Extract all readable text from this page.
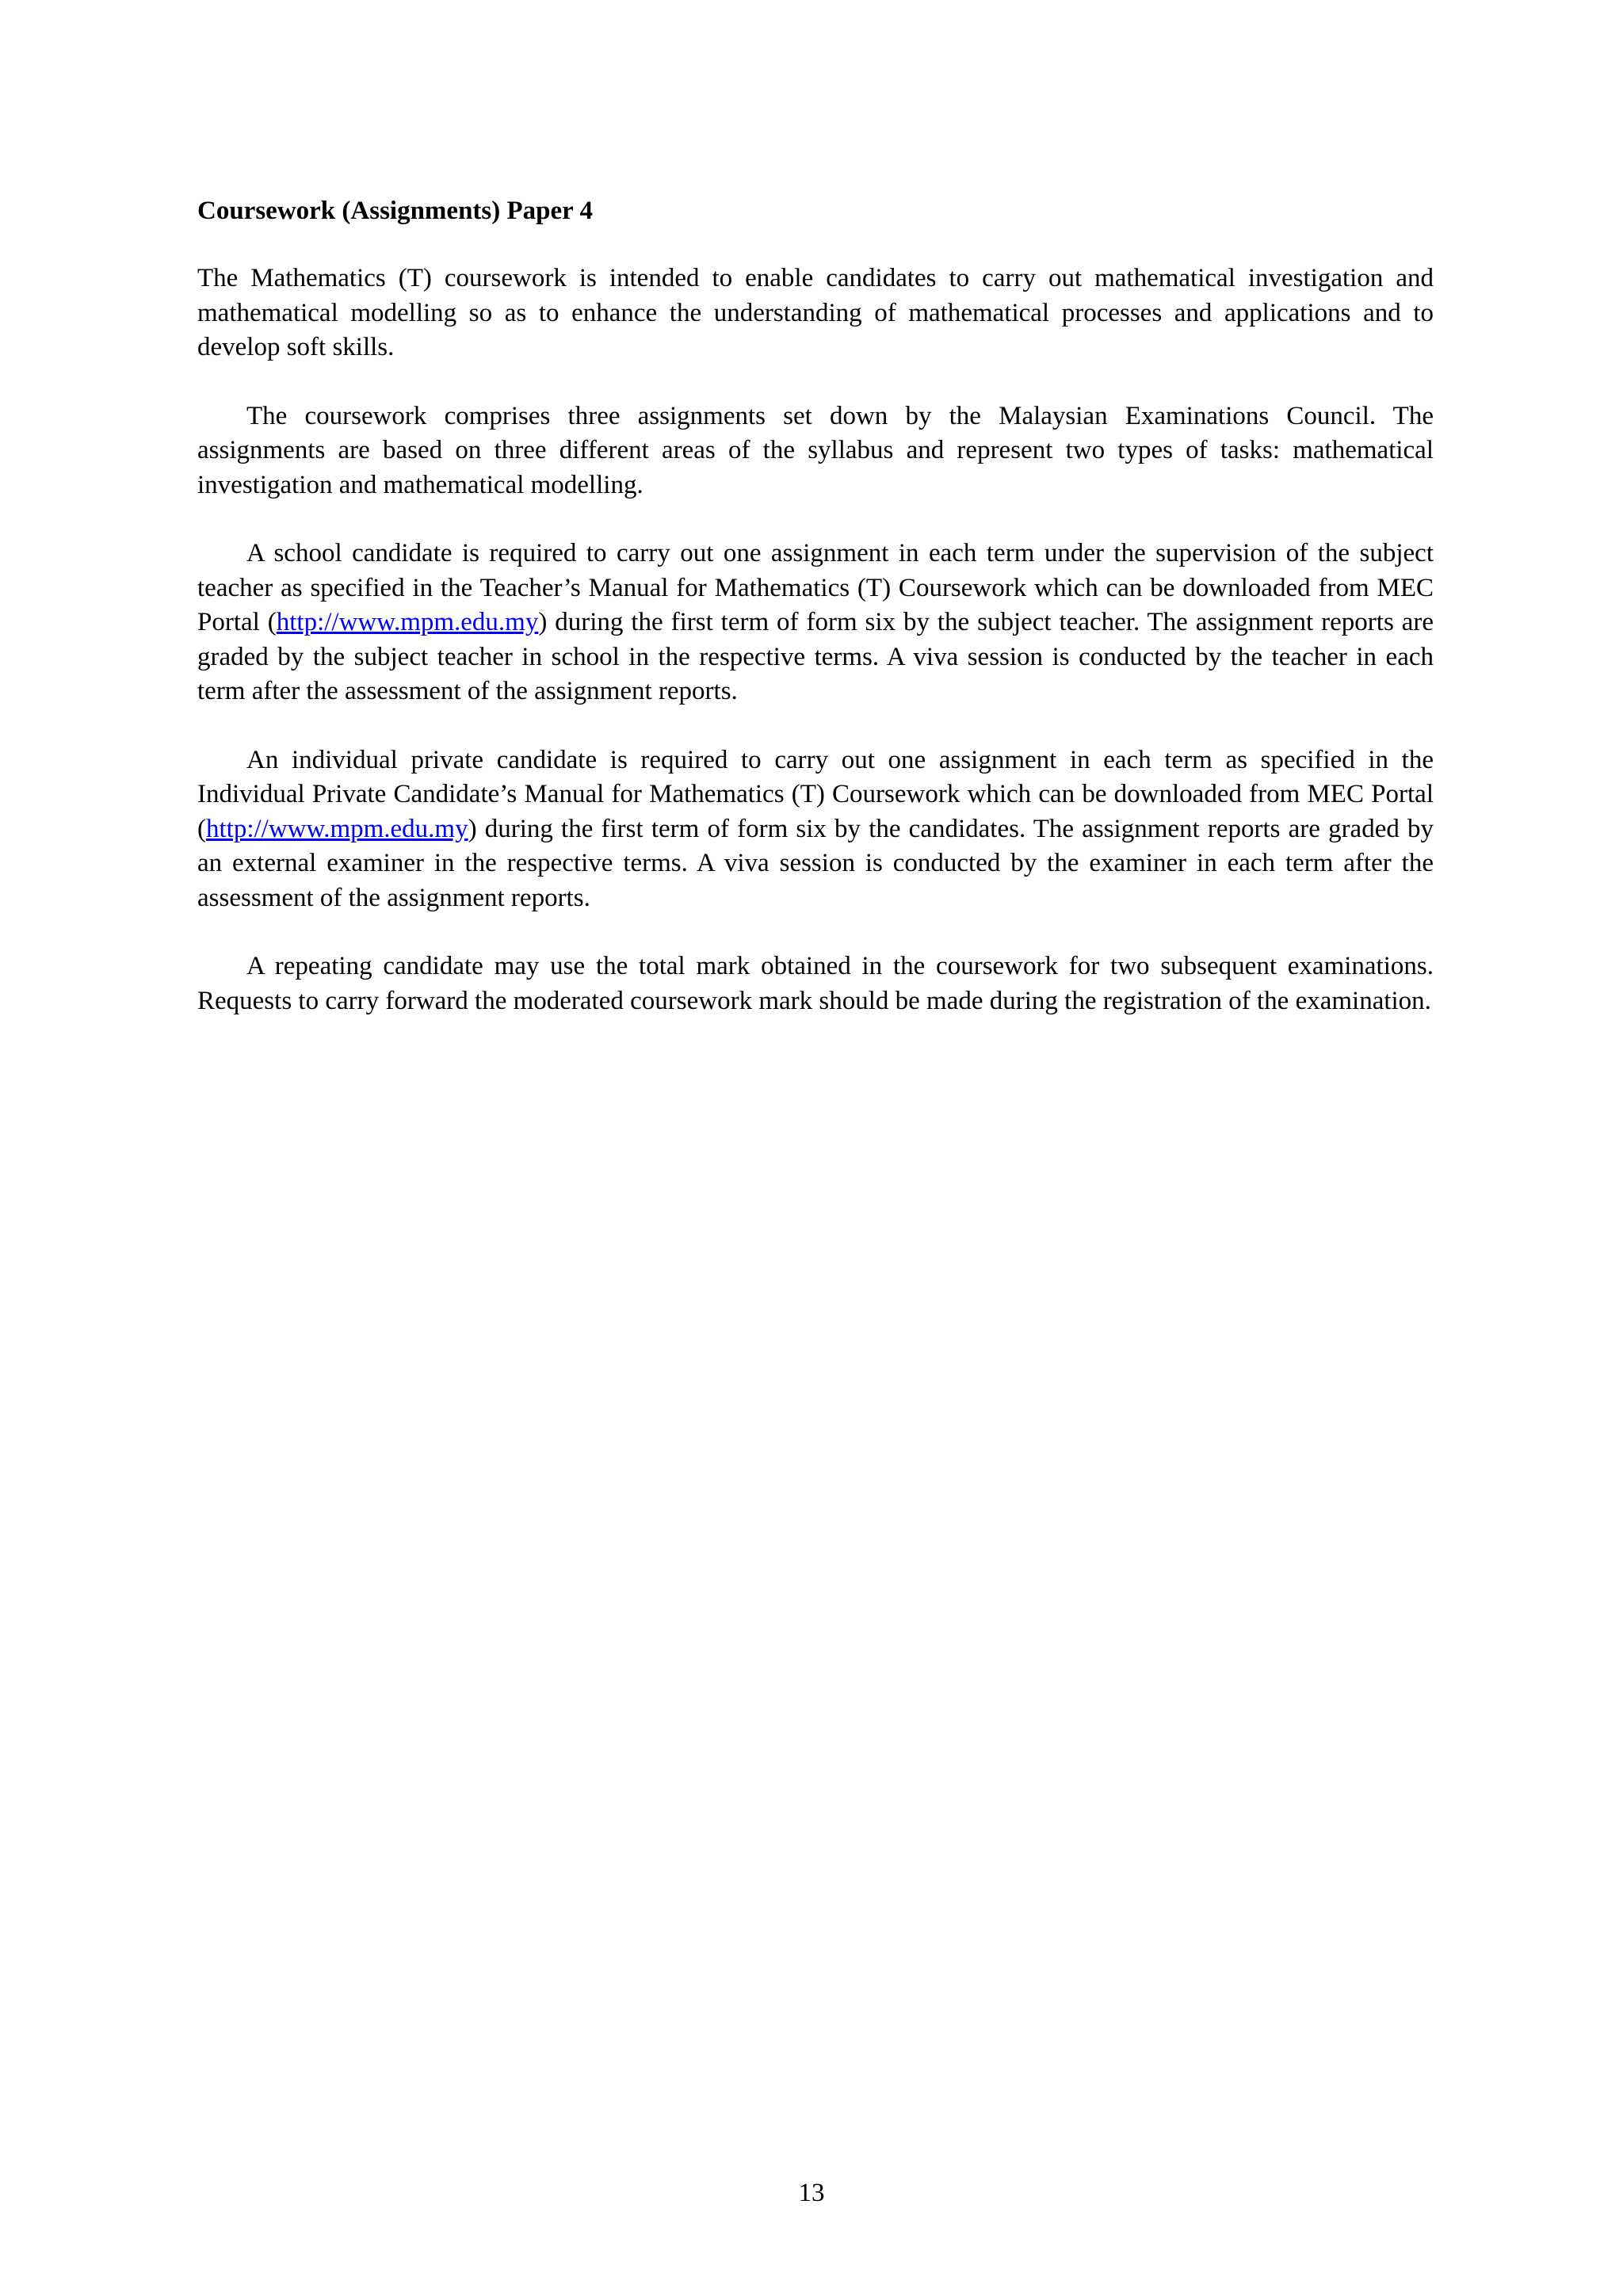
Coursework (Assignments) Paper 4

The Mathematics (T) coursework is intended to enable candidates to carry out mathematical investigation and mathematical modelling so as to enhance the understanding of mathematical processes and applications and to develop soft skills.

The coursework comprises three assignments set down by the Malaysian Examinations Council. The assignments are based on three different areas of the syllabus and represent two types of tasks: mathematical investigation and mathematical modelling.

A school candidate is required to carry out one assignment in each term under the supervision of the subject teacher as specified in the Teacher’s Manual for Mathematics (T) Coursework which can be downloaded from MEC Portal (http://www.mpm.edu.my) during the first term of form six by the subject teacher. The assignment reports are graded by the subject teacher in school in the respective terms. A viva session is conducted by the teacher in each term after the assessment of the assignment reports.

An individual private candidate is required to carry out one assignment in each term as specified in the Individual Private Candidate’s Manual for Mathematics (T) Coursework which can be downloaded from MEC Portal (http://www.mpm.edu.my) during the first term of form six by the candidates. The assignment reports are graded by an external examiner in the respective terms. A viva session is conducted by the examiner in each term after the assessment of the assignment reports.

A repeating candidate may use the total mark obtained in the coursework for two subsequent examinations. Requests to carry forward the moderated coursework mark should be made during the registration of the examination.

13
